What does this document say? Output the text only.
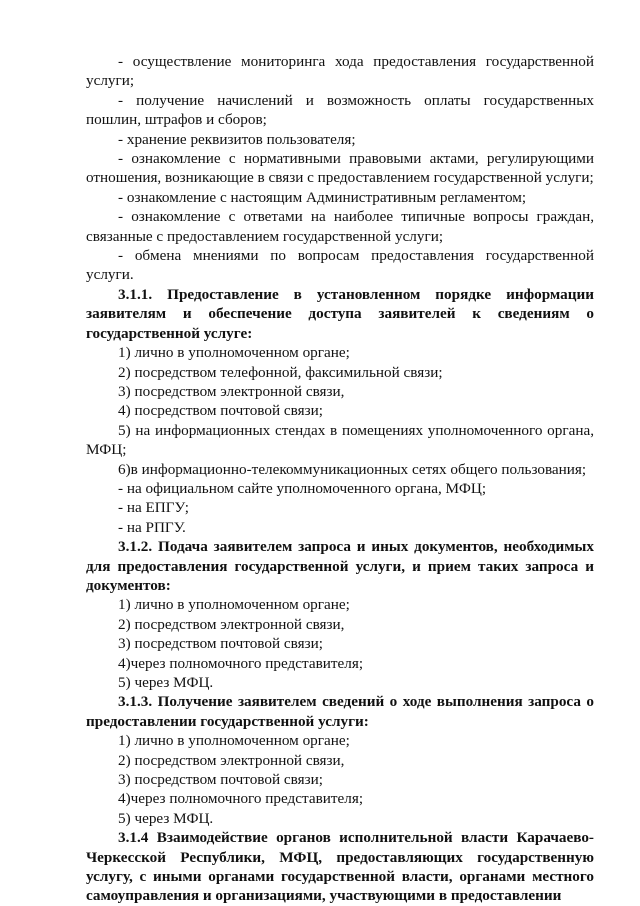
- осуществление мониторинга хода предоставления государственной услуги;

- получение начислений и возможность оплаты государственных пошлин, штрафов и сборов;

- хранение реквизитов пользователя;

- ознакомление с нормативными правовыми актами, регулирующими отношения, возникающие в связи с предоставлением государственной услуги;

- ознакомление с настоящим Административным регламентом;

- ознакомление с ответами на наиболее типичные вопросы граждан, связанные с предоставлением государственной услуги;

- обмена мнениями по вопросам предоставления государственной услуги.

3.1.1. Предоставление в установленном порядке информации заявителям и обеспечение доступа заявителей к сведениям о государственной услуге:

1) лично в уполномоченном органе;

2) посредством телефонной, факсимильной связи;

3) посредством электронной связи,

4) посредством почтовой связи;

5) на информационных стендах в помещениях уполномоченного органа, МФЦ;

6)в информационно-телекоммуникационных сетях общего пользования;

- на официальном сайте уполномоченного органа, МФЦ;

- на ЕПГУ;

- на РПГУ.

3.1.2. Подача заявителем запроса и иных документов, необходимых для предоставления государственной услуги, и прием таких запроса и документов:

1) лично в уполномоченном органе;

2) посредством электронной связи,

3) посредством почтовой связи;

4)через полномочного представителя;

5) через МФЦ.

3.1.3. Получение заявителем сведений о ходе выполнения запроса о предоставлении государственной услуги:

1) лично в уполномоченном органе;

2) посредством электронной связи,

3) посредством почтовой связи;

4)через полномочного представителя;

5) через МФЦ.

3.1.4 Взаимодействие органов исполнительной власти Карачаево-Черкесской Республики, МФЦ, предоставляющих государственную услугу, с иными органами государственной власти, органами местного самоуправления и организациями, участвующими в предоставлении
